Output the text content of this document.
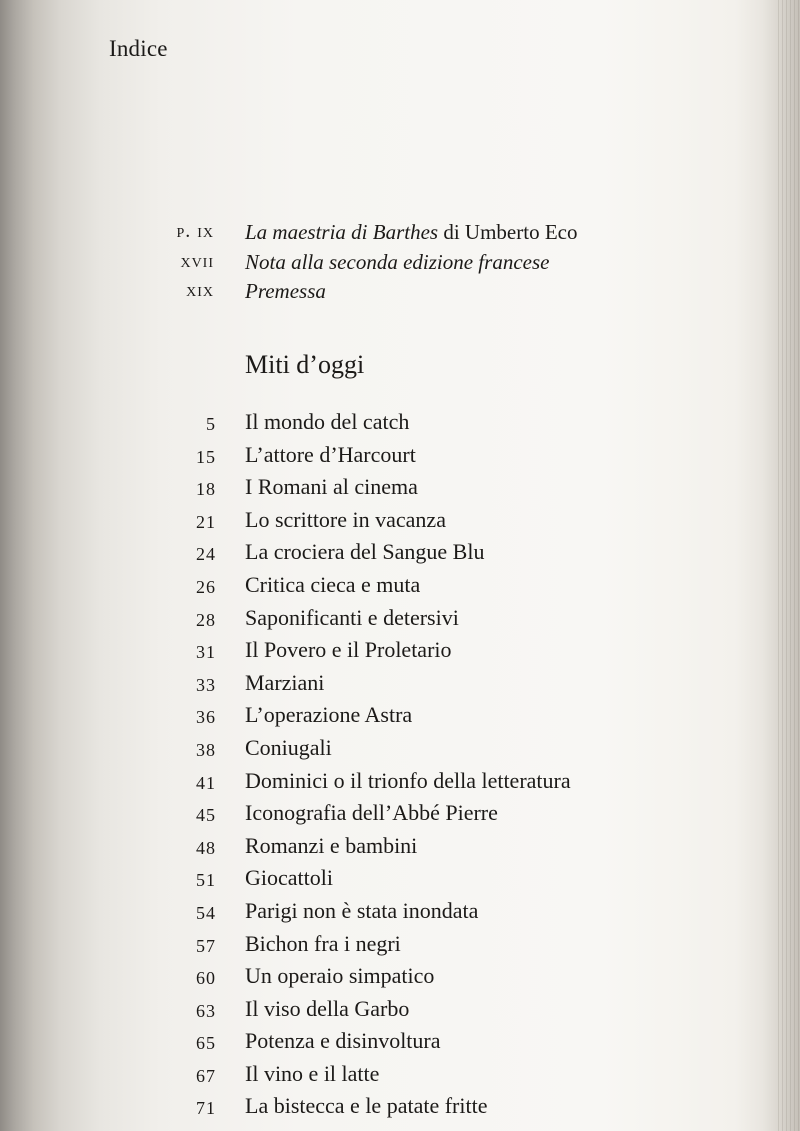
Indice
p. ix La maestria di Barthes di Umberto Eco
xvii Nota alla seconda edizione francese
xix Premessa
Miti d’oggi
5 Il mondo del catch
15 L’attore d’Harcourt
18 I Romani al cinema
21 Lo scrittore in vacanza
24 La crociera del Sangue Blu
26 Critica cieca e muta
28 Saponificanti e detersivi
31 Il Povero e il Proletario
33 Marziani
36 L’operazione Astra
38 Coniugali
41 Dominici o il trionfo della letteratura
45 Iconografia dell’Abbé Pierre
48 Romanzi e bambini
51 Giocattoli
54 Parigi non è stata inondata
57 Bichon fra i negri
60 Un operaio simpatico
63 Il viso della Garbo
65 Potenza e disinvoltura
67 Il vino e il latte
71 La bistecca e le patate fritte
